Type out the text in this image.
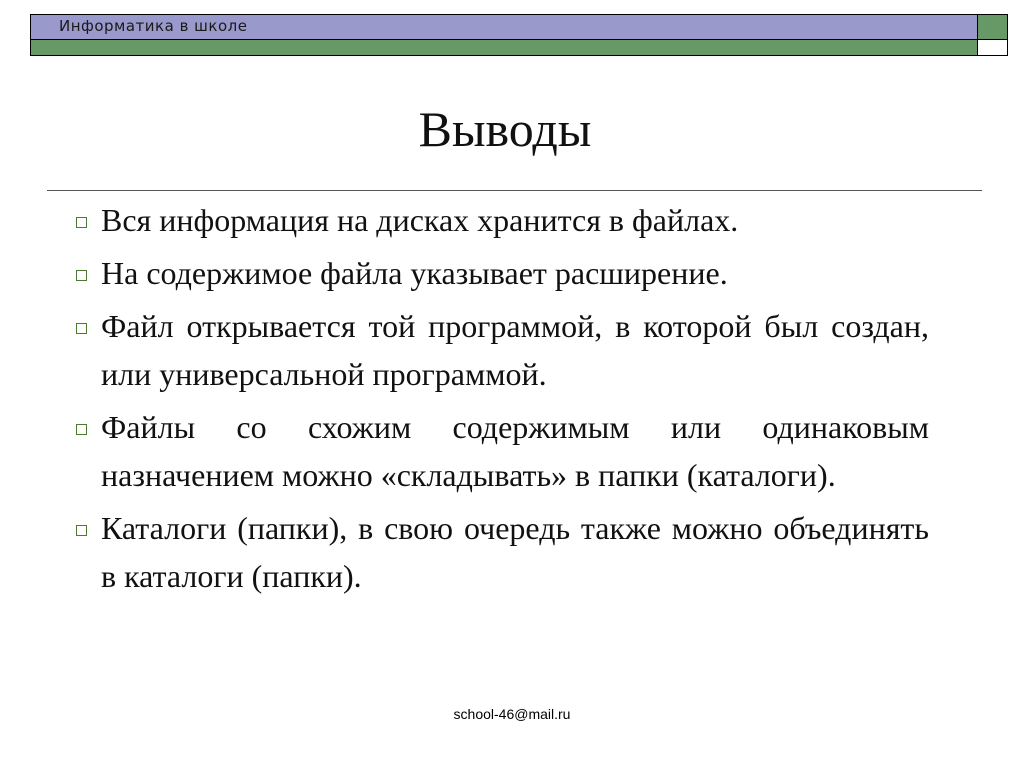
Информатика в школе
Выводы
Вся информация на дисках хранится в файлах.
На содержимое файла указывает расширение.
Файл открывается той программой, в которой был создан, или универсальной программой.
Файлы со схожим содержимым или одинаковым назначением можно «складывать» в папки (каталоги).
Каталоги (папки), в свою очередь также можно объединять в каталоги (папки).
school-46@mail.ru
